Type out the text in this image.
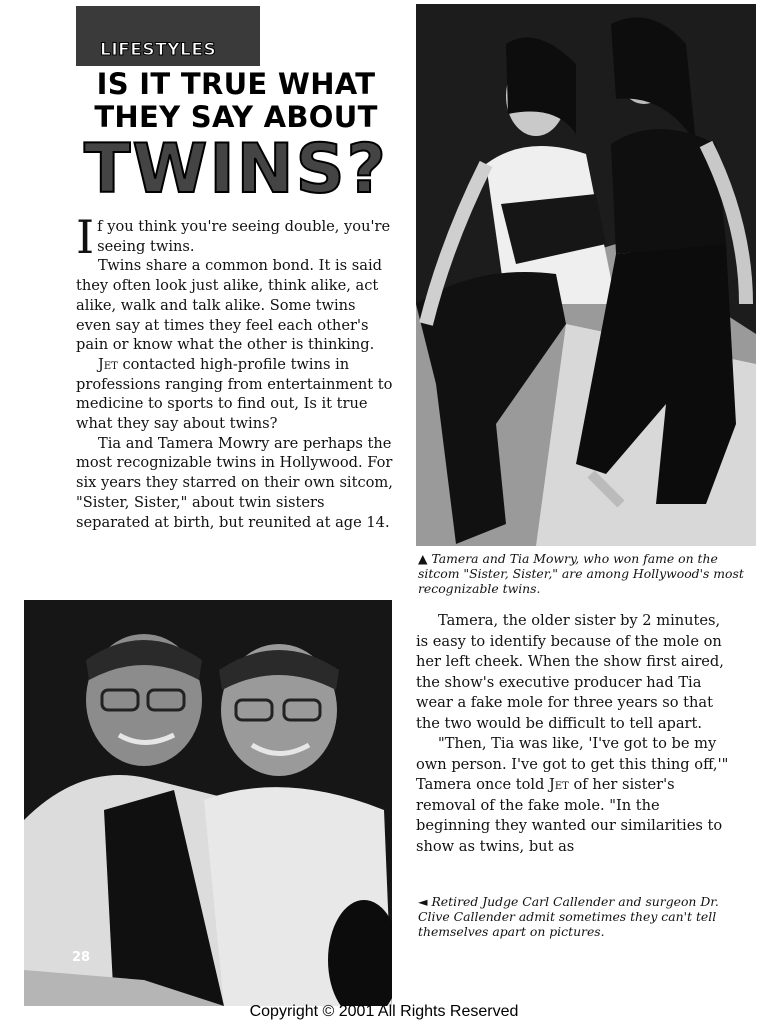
LIFESTYLES
IS IT TRUE WHAT
THEY SAY ABOUT
TWINS?

If you think you're seeing double, you're seeing twins.

Twins share a common bond. It is said they often look just alike, think alike, act alike, walk and talk alike. Some twins even say at times they feel each other's pain or know what the other is thinking.

Jet contacted high-profile twins in professions ranging from entertainment to medicine to sports to find out, Is it true what they say about twins?

Tia and Tamera Mowry are perhaps the most recognizable twins in Hollywood. For six years they starred on their own sitcom, "Sister, Sister," about twin sisters separated at birth, but reunited at age 14.

▲ Tamera and Tia Mowry, who won fame on the sitcom "Sister, Sister," are among Hollywood's most recognizable twins.
28

Tamera, the older sister by 2 minutes, is easy to identify because of the mole on her left cheek. When the show first aired, the show's executive producer had Tia wear a fake mole for three years so that the two would be difficult to tell apart.

"Then, Tia was like, 'I've got to be my own person. I've got to get this thing off,'" Tamera once told Jet of her sister's removal of the fake mole. "In the beginning they wanted our similarities to show as twins, but as

◄ Retired Judge Carl Callender and surgeon Dr. Clive Callender admit sometimes they can't tell themselves apart on pictures.
Copyright © 2001 All Rights Reserved
